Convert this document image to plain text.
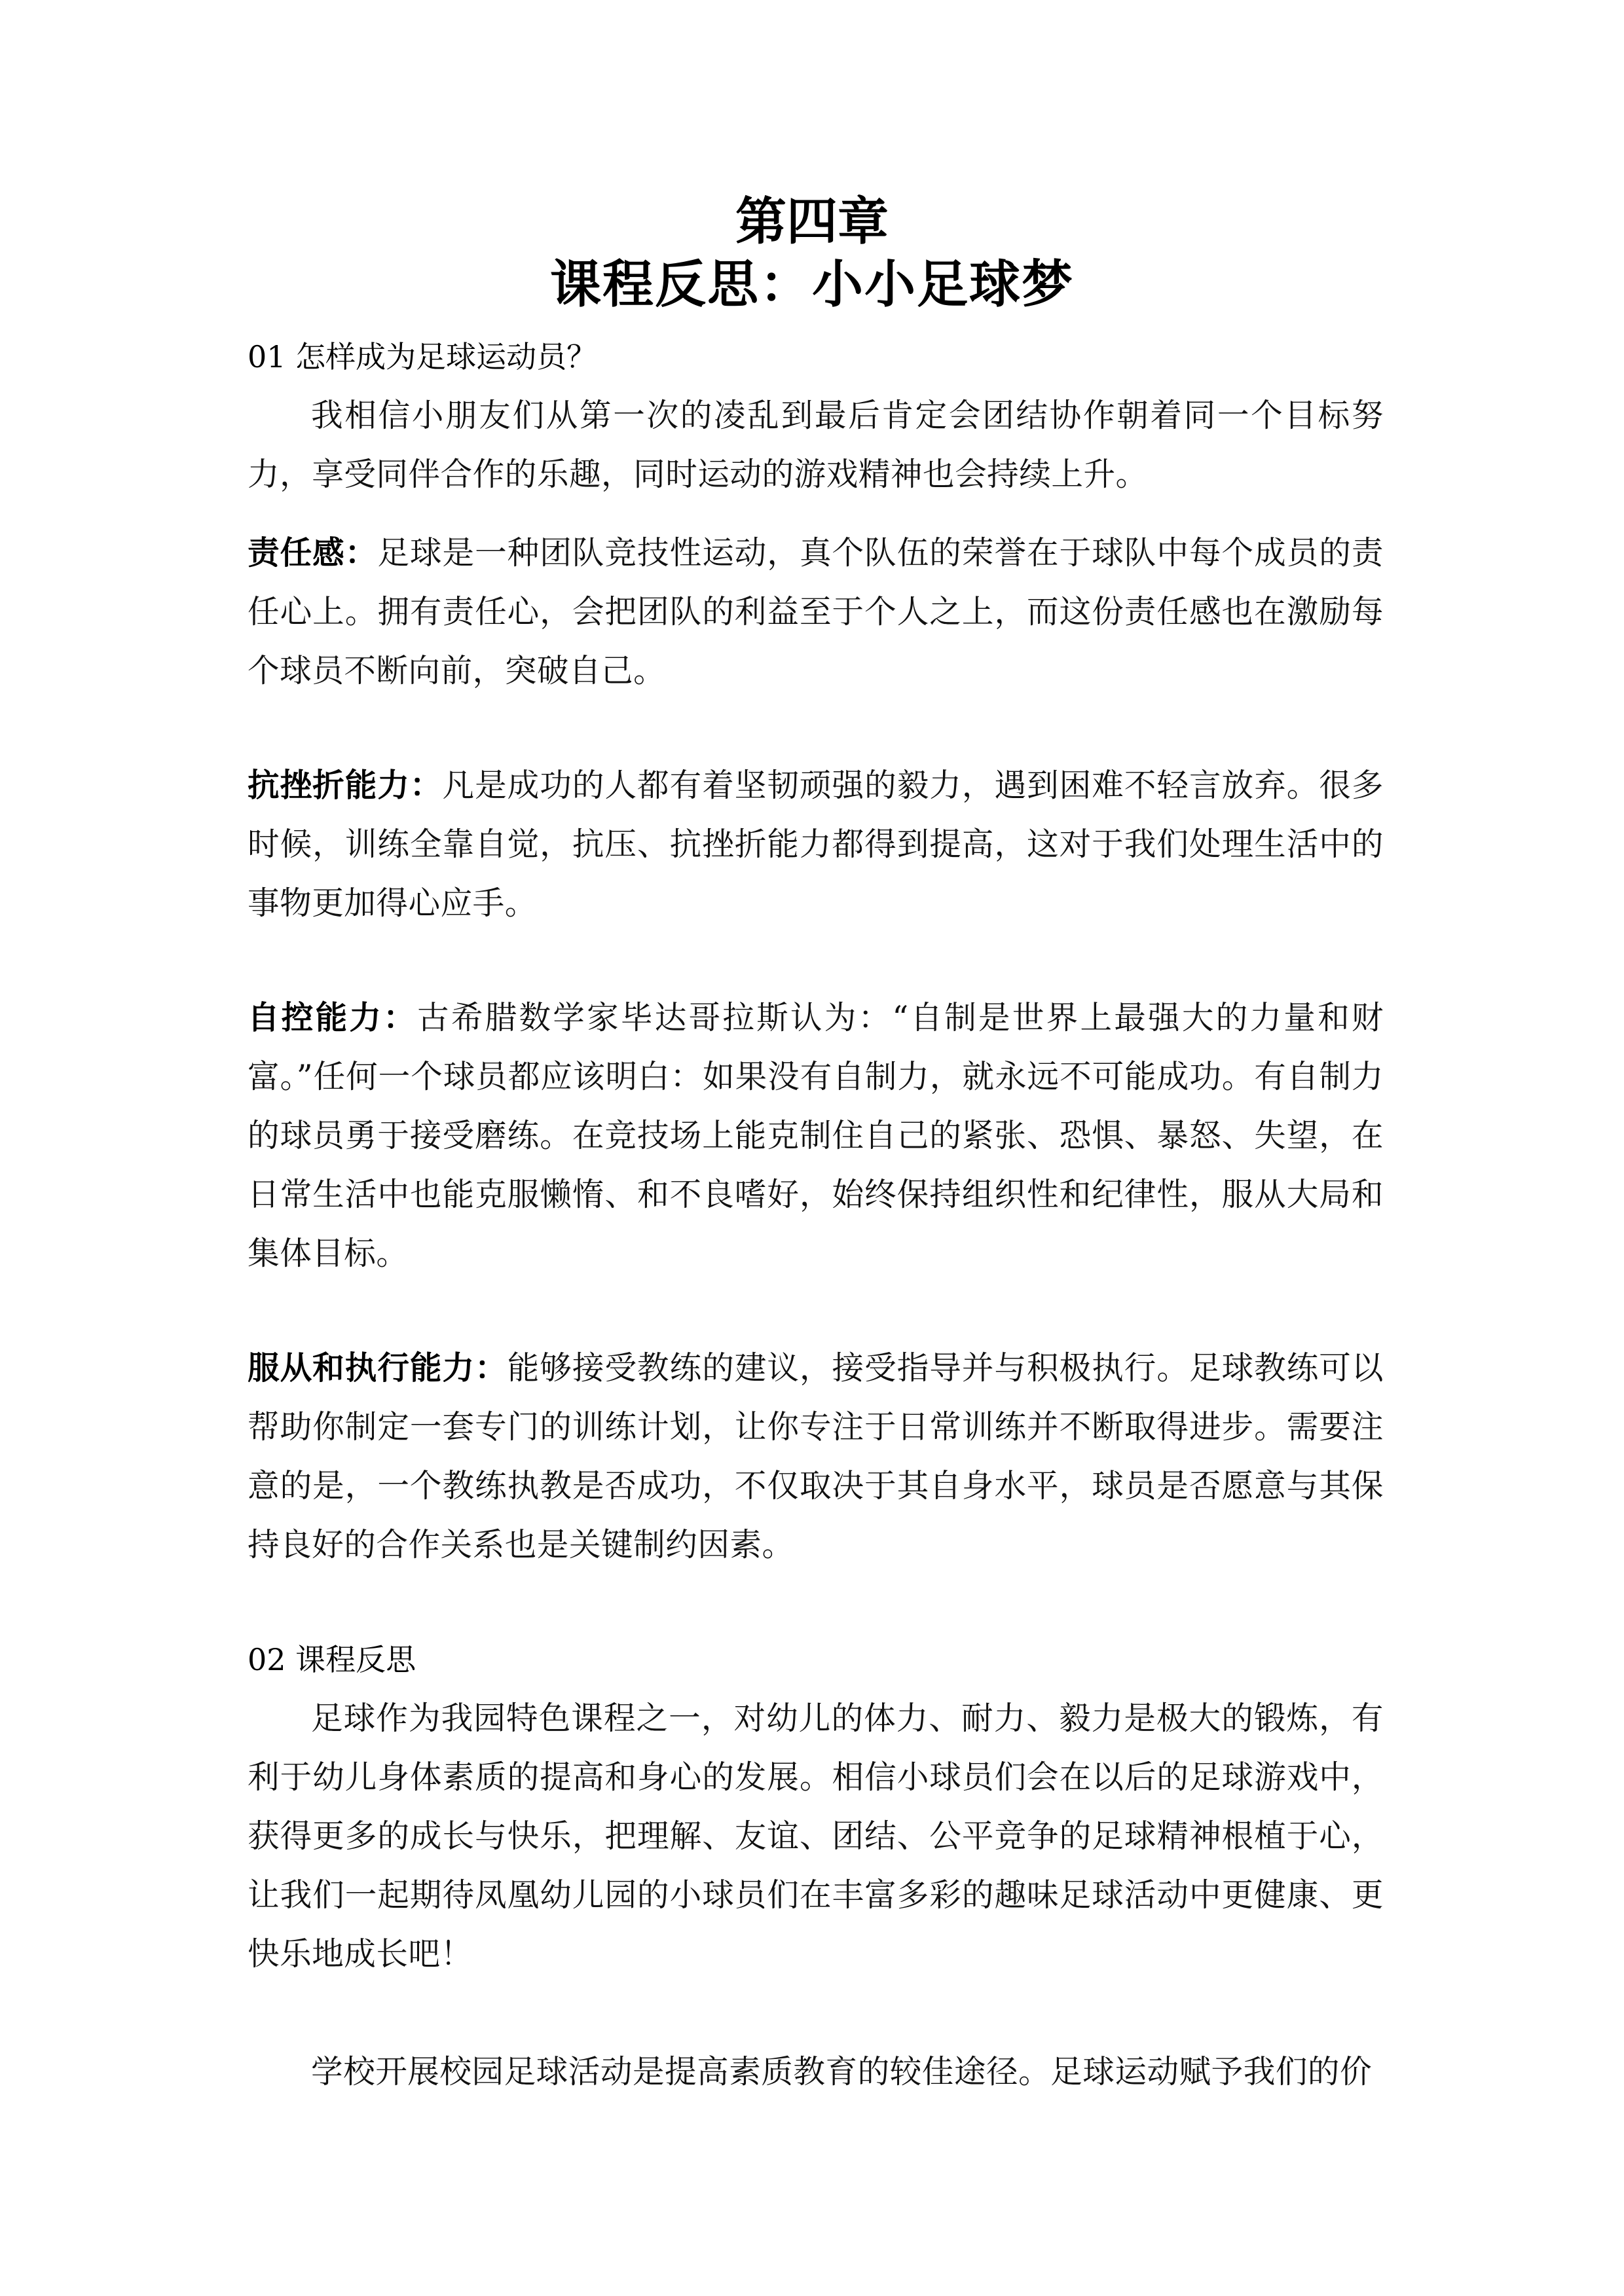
第四章
课程反思：小小足球梦
01 怎样成为足球运动员？

我相信小朋友们从第一次的凌乱到最后肯定会团结协作朝着同一个目标努力，享受同伴合作的乐趣，同时运动的游戏精神也会持续上升。

责任感：足球是一种团队竞技性运动，真个队伍的荣誉在于球队中每个成员的责任心上。拥有责任心，会把团队的利益至于个人之上，而这份责任感也在激励每个球员不断向前，突破自己。

抗挫折能力：凡是成功的人都有着坚韧顽强的毅力，遇到困难不轻言放弃。很多时候，训练全靠自觉，抗压、抗挫折能力都得到提高，这对于我们处理生活中的事物更加得心应手。

自控能力：古希腊数学家毕达哥拉斯认为：“自制是世界上最强大的力量和财富。”任何一个球员都应该明白：如果没有自制力，就永远不可能成功。有自制力的球员勇于接受磨练。在竞技场上能克制住自己的紧张、恐惧、暴怒、失望，在日常生活中也能克服懒惰、和不良嗜好，始终保持组织性和纪律性，服从大局和集体目标。

服从和执行能力：能够接受教练的建议，接受指导并与积极执行。足球教练可以帮助你制定一套专门的训练计划，让你专注于日常训练并不断取得进步。需要注意的是，一个教练执教是否成功，不仅取决于其自身水平，球员是否愿意与其保持良好的合作关系也是关键制约因素。

02 课程反思

足球作为我园特色课程之一，对幼儿的体力、耐力、毅力是极大的锻炼，有利于幼儿身体素质的提高和身心的发展。相信小球员们会在以后的足球游戏中，获得更多的成长与快乐，把理解、友谊、团结、公平竞争的足球精神根植于心，让我们一起期待凤凰幼儿园的小球员们在丰富多彩的趣味足球活动中更健康、更快乐地成长吧！

学校开展校园足球活动是提高素质教育的较佳途径。足球运动赋予我们的价
